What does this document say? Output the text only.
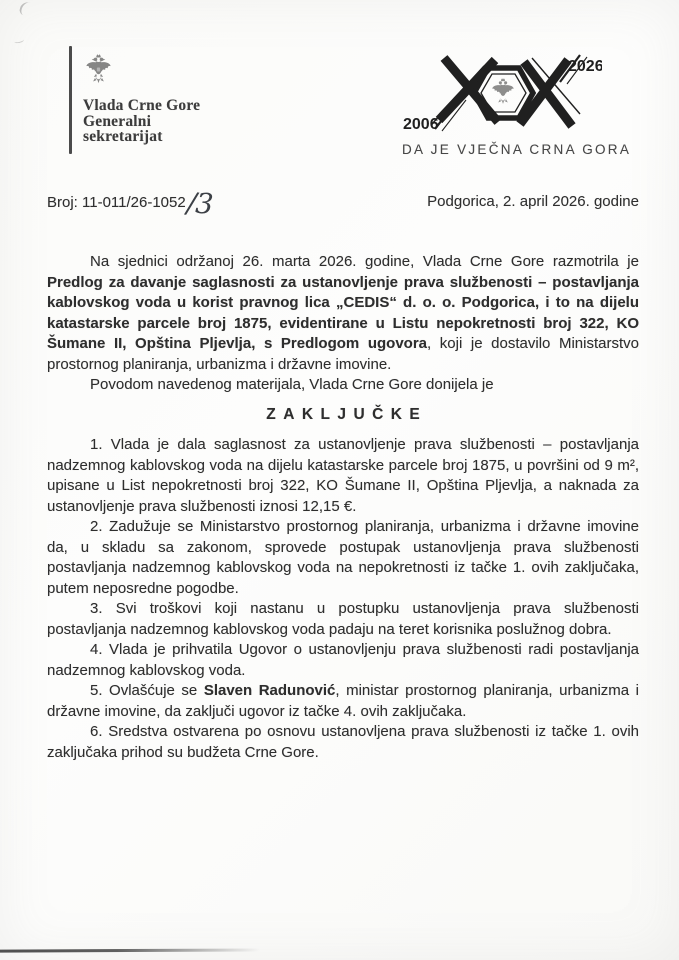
Vlada Crne Gore
Generalni
sekretarijat
2006
2026
DA JE VJEČNA CRNA GORA
Broj: 11-011/26-1052/3	Podgorica, 2. april 2026. godine

Na sjednici održanoj 26. marta 2026. godine, Vlada Crne Gore razmotrila je Predlog za davanje saglasnosti za ustanovljenje prava službenosti – postavljanja kablovskog voda u korist pravnog lica „CEDIS“ d. o. o. Podgorica, i to na dijelu katastarske parcele broj 1875, evidentirane u Listu nepokretnosti broj 322, KO Šumane II, Opština Pljevlja, s Predlogom ugovora, koji je dostavilo Ministarstvo prostornog planiranja, urbanizma i državne imovine.

Povodom navedenog materijala, Vlada Crne Gore donijela je

ZAKLJUČKE

1. Vlada je dala saglasnost za ustanovljenje prava službenosti – postavljanja nadzemnog kablovskog voda na dijelu katastarske parcele broj 1875, u površini od 9 m², upisane u List nepokretnosti broj 322, KO Šumane II, Opština Pljevlja, a naknada za ustanovljenje prava službenosti iznosi 12,15 €.

2. Zadužuje se Ministarstvo prostornog planiranja, urbanizma i državne imovine da, u skladu sa zakonom, sprovede postupak ustanovljenja prava službenosti postavljanja nadzemnog kablovskog voda na nepokretnosti iz tačke 1. ovih zaključaka, putem neposredne pogodbe.

3. Svi troškovi koji nastanu u postupku ustanovljenja prava službenosti postavljanja nadzemnog kablovskog voda padaju na teret korisnika poslužnog dobra.

4. Vlada je prihvatila Ugovor o ustanovljenju prava službenosti radi postavljanja nadzemnog kablovskog voda.

5. Ovlašćuje se Slaven Radunović, ministar prostornog planiranja, urbanizma i državne imovine, da zaključi ugovor iz tačke 4. ovih zaključaka.

6. Sredstva ostvarena po osnovu ustanovljena prava službenosti iz tačke 1. ovih zaključaka prihod su budžeta Crne Gore.
